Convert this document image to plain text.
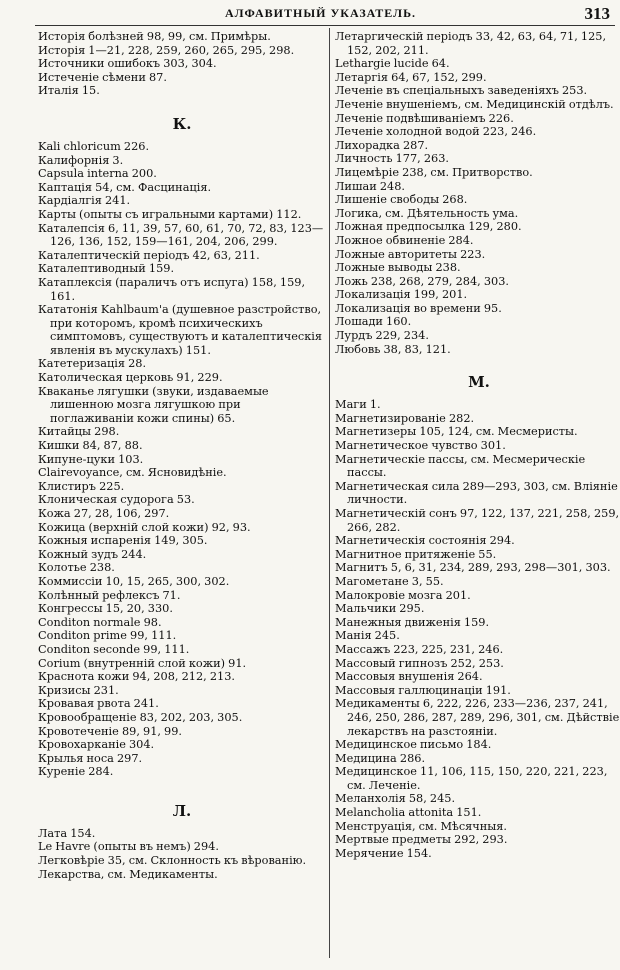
АЛФАВИТНЫЙ УКАЗАТЕЛЬ.	313
Исторія болѣзней 98, 99, см. Примѣры.
Исторія 1—21, 228, 259, 260, 265, 295, 298.
Источники ошибокъ 303, 304.
Истеченіе сѣмени 87.
Италія 15.
К.
Kali chloricum 226.
Калифорнія 3.
Capsula interna 200.
Каптація 54, см. Фасцинація.
Кардіалгія 241.
Карты (опыты съ игральными картами) 112.
Каталепсія 6, 11, 39, 57, 60, 61, 70, 72, 83, 123—126, 136, 152, 159—161, 204, 206, 299.
Каталептическій періодъ 42, 63, 211.
Каталептиводный 159.
Катаплексія (параличъ отъ испуга) 158, 159, 161.
Кататонія Kahlbaum'a (душевное разстройство, при которомъ, кромѣ психическихъ симптомовъ, существуютъ и каталептическія явленія въ мускулахъ) 151.
Катетеризація 28.
Католическая церковь 91, 229.
Кваканье лягушки (звуки, издаваемые лишенною мозга лягушкою при поглаживаніи кожи спины) 65.
Китайцы 298.
Кишки 84, 87, 88.
Кипуне-цуки 103.
Clairevoyance, см. Ясновидѣніе.
Клистиръ 225.
Клоническая судорога 53.
Кожа 27, 28, 106, 297.
Кожица (верхній слой кожи) 92, 93.
Кожныя испаренія 149, 305.
Кожный зудъ 244.
Колотье 238.
Коммиссіи 10, 15, 265, 300, 302.
Колѣнный рефлексъ 71.
Конгрессы 15, 20, 330.
Conditon normale 98.
Conditon prime 99, 111.
Conditon seconde 99, 111.
Corium (внутренній слой кожи) 91.
Краснота кожи 94, 208, 212, 213.
Кризисы 231.
Кровавая рвота 241.
Кровообращеніе 83, 202, 203, 305.
Кровотеченіе 89, 91, 99.
Кровохарканіе 304.
Крылья носа 297.
Куреніе 284.
Л.
Лата 154.
Le Havre (опыты въ немъ) 294.
Легковѣріе 35, см. Склонность къ вѣрованію.
Лекарства, см. Медикаменты.
Летаргическій періодъ 33, 42, 63, 64, 71, 125, 152, 202, 211.
Lethargie lucide 64.
Летаргія 64, 67, 152, 299.
Леченіе въ спеціальныхъ заведеніяхъ 253.
Леченіе внушеніемъ, см. Медицинскій отдѣлъ.
Леченіе подвѣшиваніемъ 226.
Леченіе холодной водой 223, 246.
Лихорадка 287.
Личность 177, 263.
Лицемѣріе 238, см. Притворство.
Лишаи 248.
Лишеніе свободы 268.
Логика, см. Дѣятельность ума.
Ложная предпосылка 129, 280.
Ложное обвиненіе 284.
Ложные авторитеты 223.
Ложные выводы 238.
Ложь 238, 268, 279, 284, 303.
Локализація 199, 201.
Локализація во времени 95.
Лошади 160.
Лурдъ 229, 234.
Любовь 38, 83, 121.
М.
Маги 1.
Магнетизированіе 282.
Магнетизеры 105, 124, см. Месмеристы.
Магнетическое чувство 301.
Магнетическіе пассы, см. Месмерическіе пассы.
Магнетическая сила 289—293, 303, см. Вліяніе личности.
Магнетическій сонъ 97, 122, 137, 221, 258, 259, 266, 282.
Магнетическія состоянія 294.
Магнитное притяженіе 55.
Магнитъ 5, 6, 31, 234, 289, 293, 298—301, 303.
Магометане 3, 55.
Малокровіе мозга 201.
Мальчики 295.
Манежныя движенія 159.
Манія 245.
Массажъ 223, 225, 231, 246.
Массовый гипнозъ 252, 253.
Массовыя внушенія 264.
Массовыя галлюцинаціи 191.
Медикаменты 6, 222, 226, 233—236, 237, 241, 246, 250, 286, 287, 289, 296, 301, см. Дѣйствіе лекарствъ на разстояніи.
Медицинское письмо 184.
Медицина 286.
Медицинское 11, 106, 115, 150, 220, 221, 223, см. Леченіе.
Меланхолія 58, 245.
Melancholia attonita 151.
Менструація, см. Мѣсячныя.
Мертвые предметы 292, 293.
Мерячение 154.
